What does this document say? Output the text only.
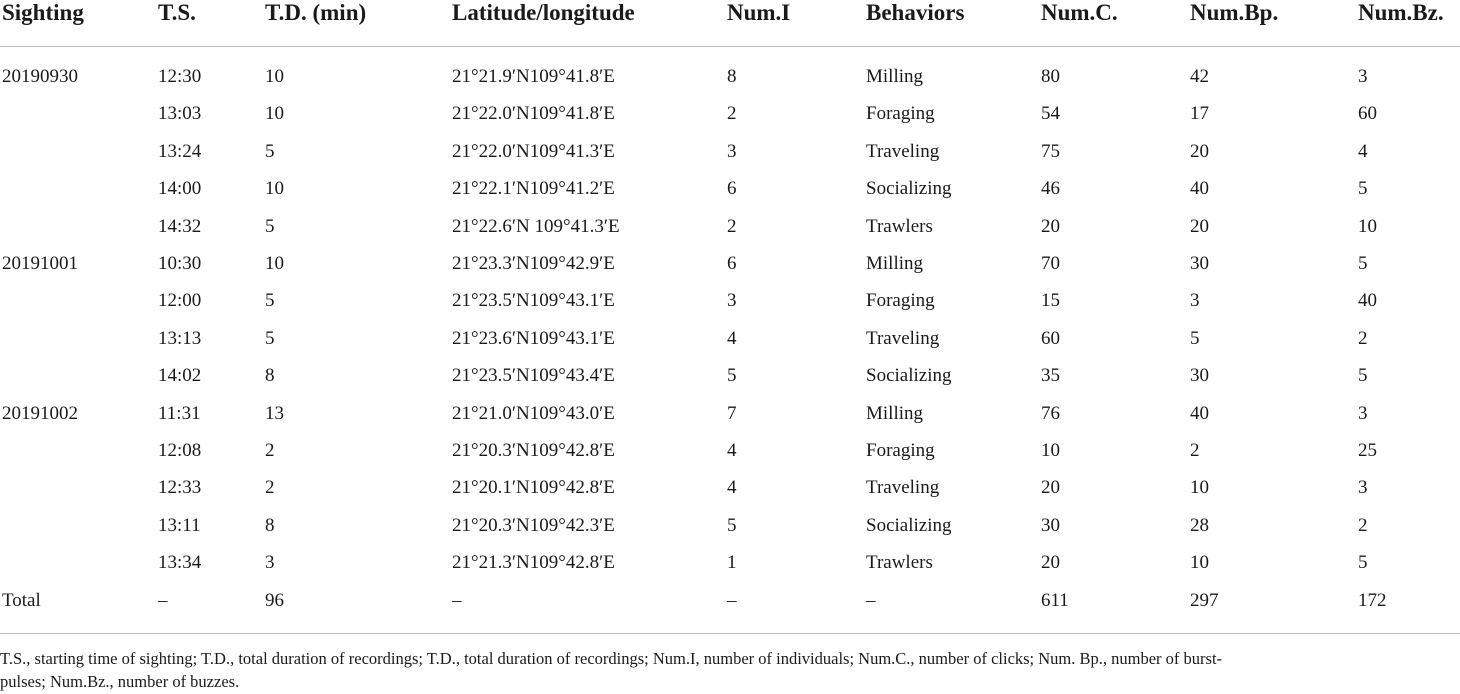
Sighting	T.S.	T.D. (min)	Latitude/longitude	Num.I	Behaviors	Num.C.	Num.Bp.	Num.Bz.
20190930	12:30	10	21°21.9′N109°41.8′E	8	Milling	80	42	3
13:03	10	21°22.0′N109°41.8′E	2	Foraging	54	17	60
13:24	5	21°22.0′N109°41.3′E	3	Traveling	75	20	4
14:00	10	21°22.1′N109°41.2′E	6	Socializing	46	40	5
14:32	5	21°22.6′N 109°41.3′E	2	Trawlers	20	20	10
20191001	10:30	10	21°23.3′N109°42.9′E	6	Milling	70	30	5
12:00	5	21°23.5′N109°43.1′E	3	Foraging	15	3	40
13:13	5	21°23.6′N109°43.1′E	4	Traveling	60	5	2
14:02	8	21°23.5′N109°43.4′E	5	Socializing	35	30	5
20191002	11:31	13	21°21.0′N109°43.0′E	7	Milling	76	40	3
12:08	2	21°20.3′N109°42.8′E	4	Foraging	10	2	25
12:33	2	21°20.1′N109°42.8′E	4	Traveling	20	10	3
13:11	8	21°20.3′N109°42.3′E	5	Socializing	30	28	2
13:34	3	21°21.3′N109°42.8′E	1	Trawlers	20	10	5
Total	–	96	–	–	–	611	297	172
T.S., starting time of sighting; T.D., total duration of recordings; T.D., total duration of recordings; Num.I, number of individuals; Num.C., number of clicks; Num. Bp., number of burst-
pulses; Num.Bz., number of buzzes.
